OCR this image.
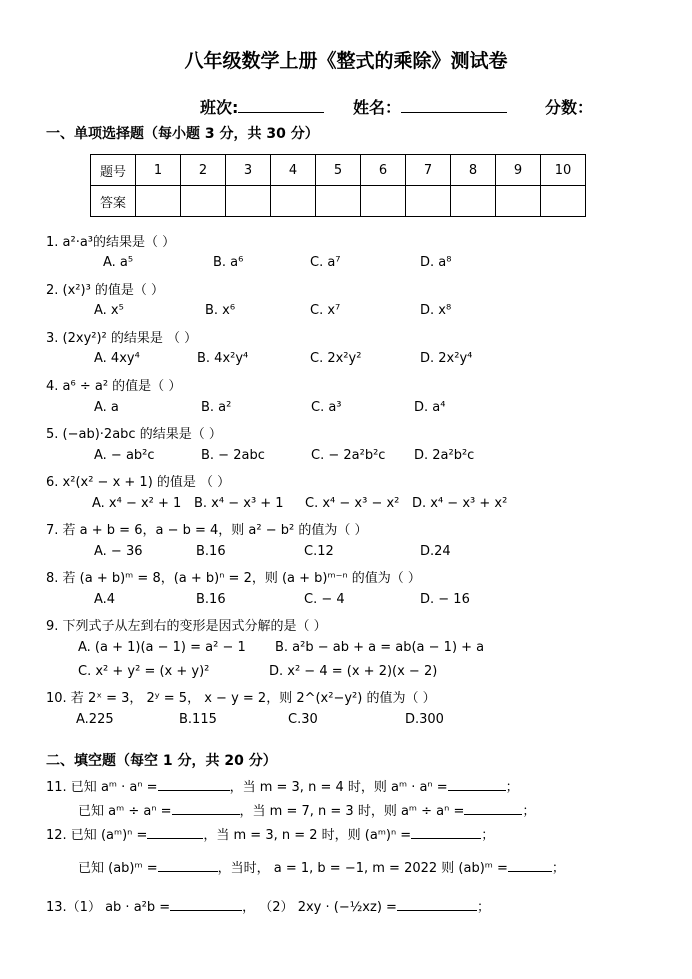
八年级数学上册《整式的乘除》测试卷
班次:	姓名：	分数：
一、单项选择题（每小题 3 分，共 30 分）
题号	1	2	3	4	5	6	7	8	9	10
答案										
1. a²·a³的结果是（ ）
A. a⁵	B. a⁶	C. a⁷	D. a⁸
2. (x²)³ 的值是（ ）
A. x⁵	B. x⁶	C. x⁷	D. x⁸
3. (2xy²)² 的结果是 （ ）
A. 4xy⁴	B. 4x²y⁴	C. 2x²y²	D. 2x²y⁴
4. a⁶ ÷ a² 的值是（ ）
A. a	B. a²	C. a³	D. a⁴
5. (−ab)·2abc 的结果是（ ）
A. − ab²c	B. − 2abc	C. − 2a²b²c D. 2a²b²c
6. x²(x² − x + 1) 的值是 （ ）
A. x⁴ − x² + 1 B. x⁴ − x³ + 1 C. x⁴ − x³ − x² D. x⁴ − x³ + x²
7. 若 a + b = 6，a − b = 4，则 a² − b² 的值为（ ）
A. − 36	B.16	C.12	D.24
8. 若 (a + b)ᵐ = 8，(a + b)ⁿ = 2，则 (a + b)ᵐ⁻ⁿ 的值为（ ）
A.4	B.16	C. − 4	D. − 16
9. 下列式子从左到右的变形是因式分解的是（ ）
A. (a + 1)(a − 1) = a² − 1 B. a²b − ab + a = ab(a − 1) + a
C. x² + y² = (x + y)²	D. x² − 4 = (x + 2)(x − 2)
10. 若 2ˣ = 3， 2ʸ = 5， x − y = 2，则 2^(x²−y²) 的值为（ ）
A.225	B.115	C.30	D.300
二、填空题（每空 1 分，共 20 分）
11. 已知 aᵐ · aⁿ =	，当 m = 3, n = 4 时，则 aᵐ · aⁿ =	；
已知 aᵐ ÷ aⁿ =	，当 m = 7, n = 3 时，则 aᵐ ÷ aⁿ =	；
12. 已知 (aᵐ)ⁿ =	，当 m = 3, n = 2 时，则 (aᵐ)ⁿ =	；
已知 (ab)ᵐ =	，当时， a = 1, b = −1, m = 2022 则 (ab)ᵐ =	；
13.（1） ab · a²b =	， （2） 2xy · (−½xz) =	；
